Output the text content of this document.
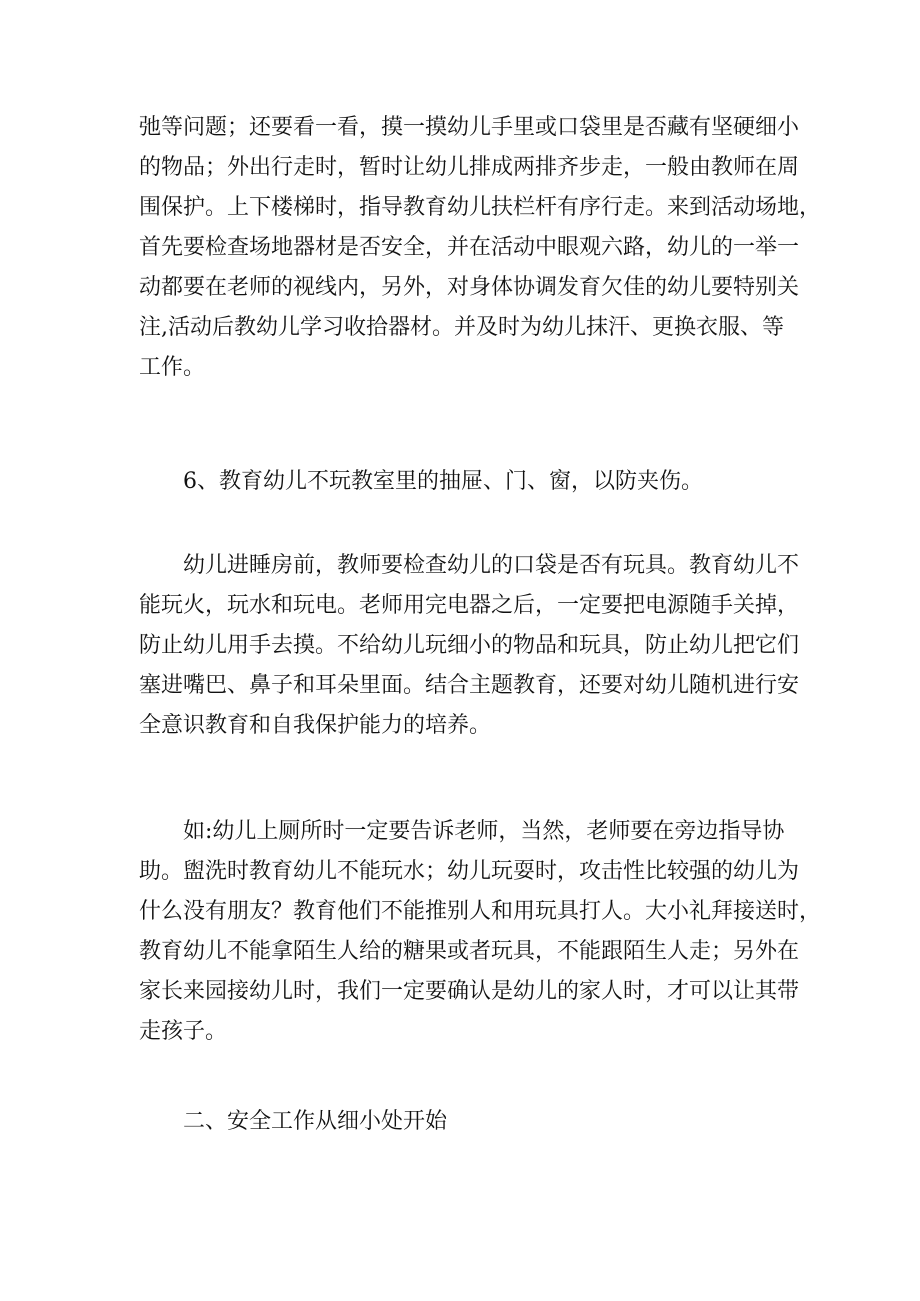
弛等问题；还要看一看，摸一摸幼儿手里或口袋里是否藏有坚硬细小
的物品；外出行走时，暂时让幼儿排成两排齐步走，一般由教师在周
围保护。上下楼梯时，指导教育幼儿扶栏杆有序行走。来到活动场地，
首先要检查场地器材是否安全，并在活动中眼观六路，幼儿的一举一
动都要在老师的视线内，另外，对身体协调发育欠佳的幼儿要特别关
注,活动后教幼儿学习收拾器材。并及时为幼儿抹汗、更换衣服、等
工作。
　　6、教育幼儿不玩教室里的抽屉、门、窗，以防夹伤。
　　幼儿进睡房前，教师要检查幼儿的口袋是否有玩具。教育幼儿不
能玩火，玩水和玩电。老师用完电器之后，一定要把电源随手关掉，
防止幼儿用手去摸。不给幼儿玩细小的物品和玩具，防止幼儿把它们
塞进嘴巴、鼻子和耳朵里面。结合主题教育，还要对幼儿随机进行安
全意识教育和自我保护能力的培养。
　　如:幼儿上厕所时一定要告诉老师，当然，老师要在旁边指导协
助。盥洗时教育幼儿不能玩水；幼儿玩耍时，攻击性比较强的幼儿为
什么没有朋友？教育他们不能推别人和用玩具打人。大小礼拜接送时，
教育幼儿不能拿陌生人给的糖果或者玩具，不能跟陌生人走；另外在
家长来园接幼儿时，我们一定要确认是幼儿的家人时，才可以让其带
走孩子。
　　二、安全工作从细小处开始
